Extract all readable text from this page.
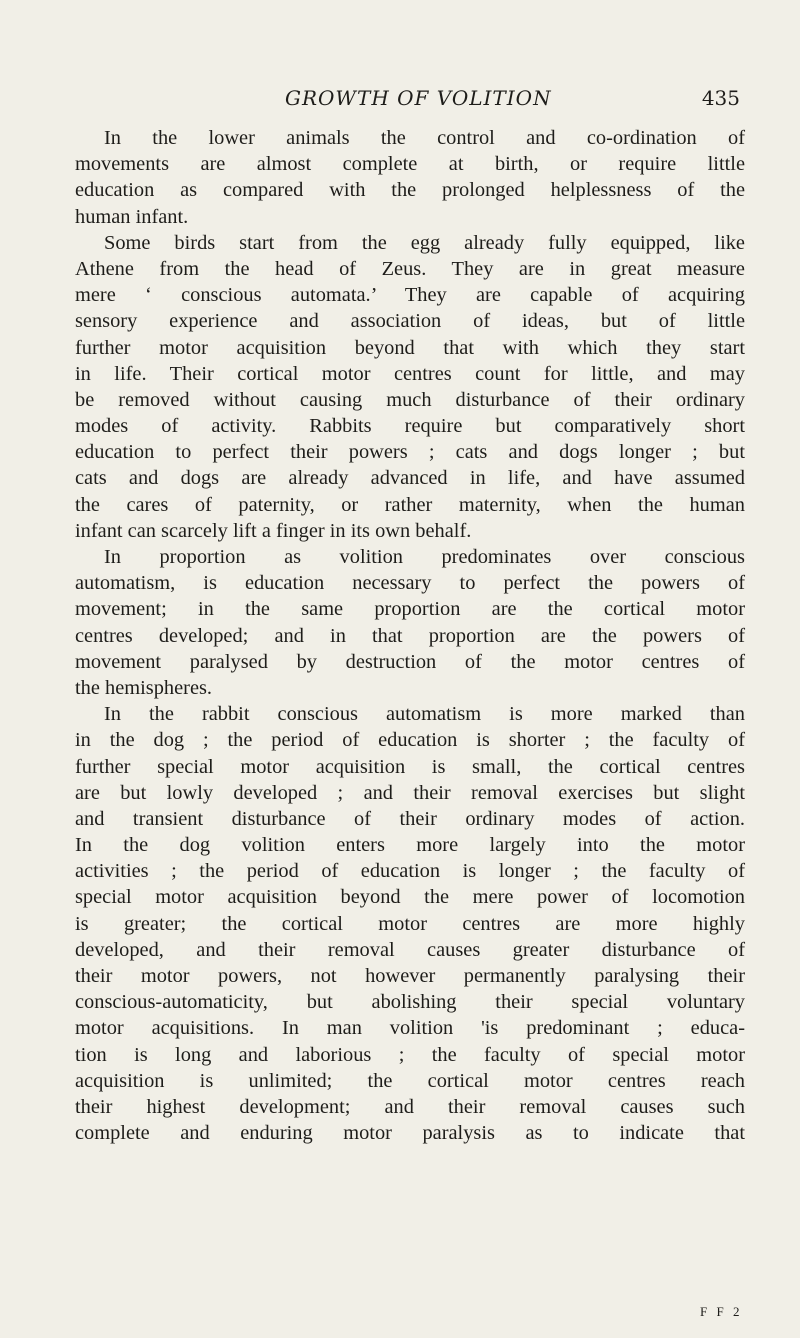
GROWTH OF VOLITION	435
In the lower animals the control and co-ordination of
movements are almost complete at birth, or require little
education as compared with the prolonged helplessness of the
human infant.
Some birds start from the egg already fully equipped, like
Athene from the head of Zeus. They are in great measure
mere ‘ conscious automata.’ They are capable of acquiring
sensory experience and association of ideas, but of little
further motor acquisition beyond that with which they start
in life. Their cortical motor centres count for little, and may
be removed without causing much disturbance of their ordinary
modes of activity. Rabbits require but comparatively short
education to perfect their powers ; cats and dogs longer ; but
cats and dogs are already advanced in life, and have assumed
the cares of paternity, or rather maternity, when the human
infant can scarcely lift a finger in its own behalf.
In proportion as volition predominates over conscious
automatism, is education necessary to perfect the powers of
movement; in the same proportion are the cortical motor
centres developed; and in that proportion are the powers of
movement paralysed by destruction of the motor centres of
the hemispheres.
In the rabbit conscious automatism is more marked than
in the dog ; the period of education is shorter ; the faculty of
further special motor acquisition is small, the cortical centres
are but lowly developed ; and their removal exercises but slight
and transient disturbance of their ordinary modes of action.
In the dog volition enters more largely into the motor
activities ; the period of education is longer ; the faculty of
special motor acquisition beyond the mere power of locomotion
is greater; the cortical motor centres are more highly
developed, and their removal causes greater disturbance of
their motor powers, not however permanently paralysing their
conscious-automaticity, but abolishing their special voluntary
motor acquisitions. In man volition 'is predominant ; educa-
tion is long and laborious ; the faculty of special motor
acquisition is unlimited; the cortical motor centres reach
their highest development; and their removal causes such
complete and enduring motor paralysis as to indicate that
F F 2
